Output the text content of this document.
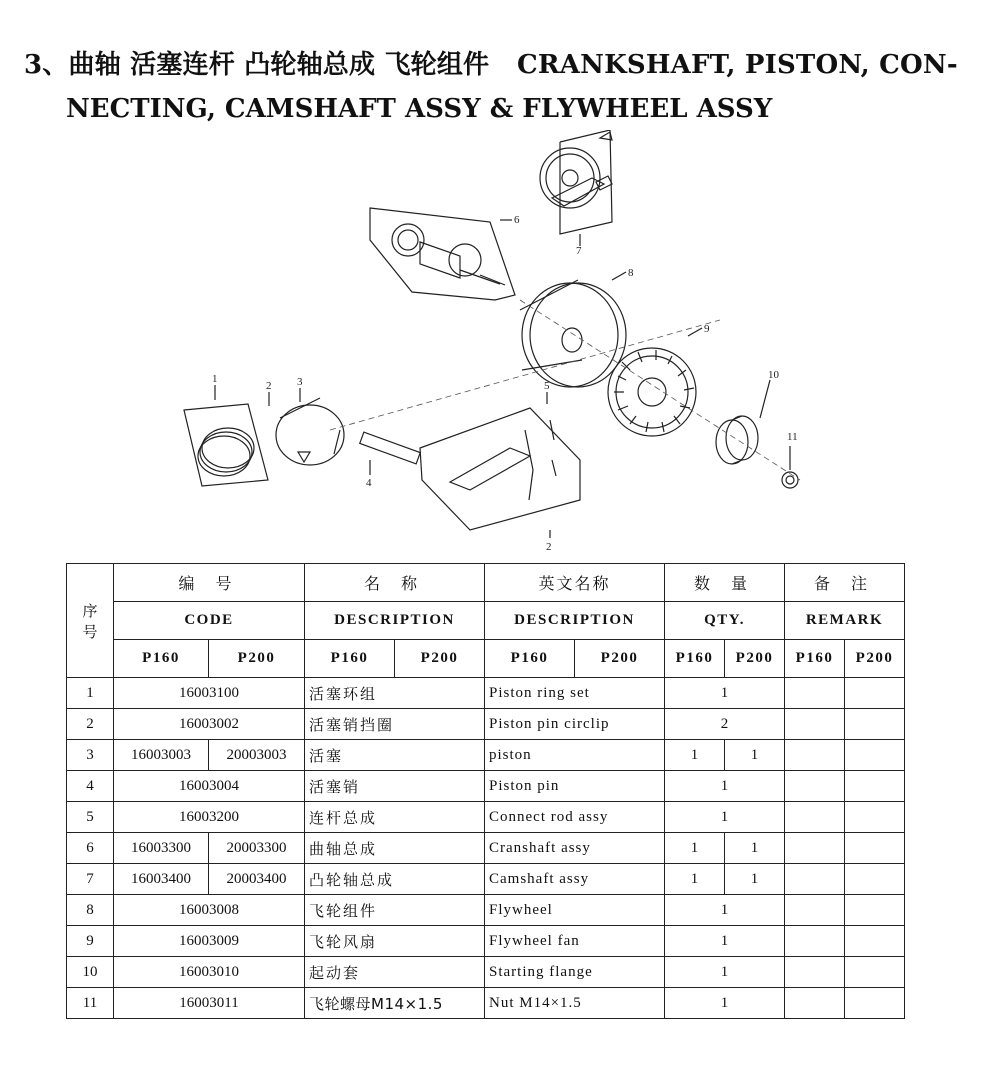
3、曲轴 活塞连杆 凸轮轴总成 飞轮组件 CRANKSHAFT, PISTON, CON-
NECTING, CAMSHAFT ASSY & FLYWHEEL ASSY
1
2 3
4
5
6
7
8
9
10
11
2
序号	编 号		名 称		英文名称		数 量		备 注	
	CODE		DESCRIPTION		DESCRIPTION		QTY.		REMARK	
	P160	P200	P160	P200	P160	P200	P160	P200	P160	P200
1	16003100		活塞环组		Piston ring set		1			
2	16003002		活塞销挡圈		Piston pin circlip		2			
3	16003003	20003003	活塞		piston		1	1		
4	16003004		活塞销		Piston pin		1			
5	16003200		连杆总成		Connect rod assy		1			
6	16003300	20003300	曲轴总成		Cranshaft assy		1	1		
7	16003400	20003400	凸轮轴总成		Camshaft assy		1	1		
8	16003008		飞轮组件		Flywheel		1			
9	16003009		飞轮风扇		Flywheel fan		1			
10	16003010		起动套		Starting flange		1			
11	16003011		飞轮螺母M14×1.5		Nut M14×1.5		1			
